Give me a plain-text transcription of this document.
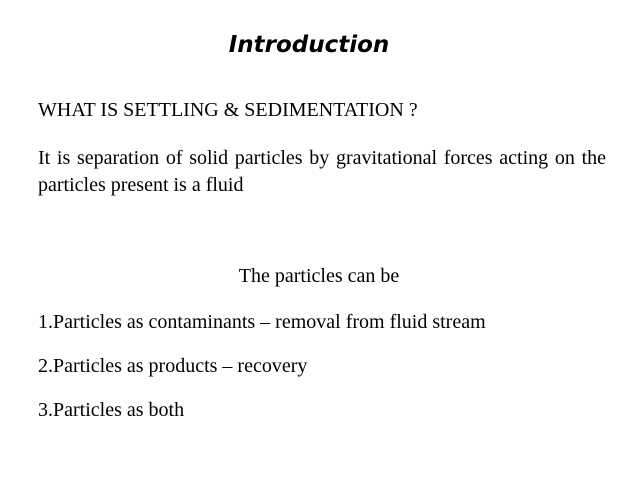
Introduction
WHAT IS SETTLING & SEDIMENTATION ?
It is separation of solid particles by gravitational forces acting on the particles present is a fluid
The particles can be
1.Particles as contaminants – removal from fluid stream
2.Particles as products – recovery
3.Particles as both
